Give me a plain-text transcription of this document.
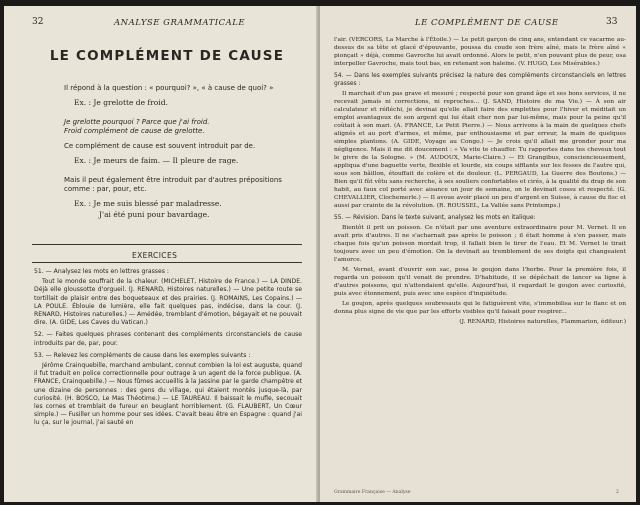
32	ANALYSE GRAMMATICALE
LE COMPLÉMENT DE CAUSE
Il répond à la question : « pourquoi? », « à cause de quoi? »
Ex. : Je grelotte de froid.
Je grelotte pourquoi ? Parce que j'ai froid.
Froid complément de cause de grelotte.
Ce complément de cause est souvent introduit par de.
Ex. : Je meurs de faim. — Il pleure de rage.
Mais il peut également être introduit par d'autres prépositions
comme : par, pour, etc.
Ex. : Je me suis blessé par maladresse.
J'ai été puni pour bavardage.
EXERCICES

51. — Analysez les mots en lettres grasses :

Tout le monde souffrait de la chaleur. (MICHELET, Histoire de France.) — LA DINDE. Déjà elle gloussotte d'orgueil. (J. RENARD, Histoires naturelles.) — Une petite route se tortillait de plaisir entre des boqueteaux et des prairies. (J. ROMAINS, Les Copains.) — LA POULE. Éblouie de lumière, elle fait quelques pas, indécise, dans la cour. (J. RENARD, Histoires naturelles.) — Amédée, tremblant d'émotion, bégayait et ne pouvait dire. (A. GIDE, Les Caves du Vatican.)

52. — Faites quelques phrases contenant des compléments circonstanciels de cause introduits par de, par, pour.

53. — Relevez les compléments de cause dans les exemples suivants :

Jérôme Crainquebille, marchand ambulant, connut combien la loi est auguste, quand il fut traduit en police correctionnelle pour outrage à un agent de la force publique. (A. FRANCE, Crainquebille.) — Nous fûmes accueillis à la Jassine par le garde champêtre et une dizaine de personnes : des gens du village, qui étaient montés jusque-là, par curiosité. (H. BOSCO, Le Mas Théotime.) — LE TAUREAU. Il baissait le mufle, secouait les cornes et tremblait de fureur en beuglant horriblement. (G. FLAUBERT, Un Cœur simple.) — Fusiller un homme pour ses idées. C'avait beau être en Espagne : quand j'ai lu ça, sur le journal, j'ai sauté en

LE COMPLÉMENT DE CAUSE	33

l'air. (VERCORS, La Marche à l'Étoile.) — Le petit garçon de cinq ans, entendant ce vacarme au-dessus de sa tête et glacé d'épouvante, poussa du coude son frère aîné, mais le frère aîné « pionçait » déjà, comme Gavroche lui avait ordonné. Alors le petit, n'en pouvant plus de peur, osa interpeller Gavroche, mais tout bas, en retenant son haleine. (V. HUGO, Les Misérables.)

54. — Dans les exemples suivants précisez la nature des compléments circonstanciels en lettres grasses :

Il marchait d'un pas grave et mesuré ; respecté pour son grand âge et ses bons services, il ne recevait jamais ni corrections, ni reproches... (J. SAND, Histoire de ma Vie.) — À son air calculateur et réfléchi, je devinai qu'elle allait faire des emplettes pour l'hiver et méditait un emploi avantageux de son argent qui lui était cher non par lui-même, mais pour la peine qu'il coûtait à son mari. (A. FRANCE, Le Petit Pierre.) — Nous arrivons à la main de quelques chefs alignés et au port d'armes, et même, par enthousiasme et par erreur, la main de quelques simples plantons. (A. GIDE, Voyage au Congo.) — Je crois qu'il allait me gronder pour ma négligence. Mais il me dit doucement : « Va vite te chauffer. Tu rapportes dans tes cheveux tout le givre de la Sologne. » (M. AUDOUX, Marie-Claire.) — Et Grangibus, consciencieusement, appliqua d'une baguette verte, flexible et lourde, six coups sifflants sur les fesses de l'autre qui, sous son bâillon, étouffait de colère et de douleur. (L. PERGAUD, La Guerre des Boutons.) — Bien qu'il fût vêtu sans recherche, à ses souliers confortables et cirés, à la qualité du drap de son habit, au faux col porté avec aisance un jour de semaine, on le devinait cossu et respecté. (G. CHEVALLIER, Clochemerle.) — Il avoue avoir placé un peu d'argent en Suisse, à cause du fisc et aussi par crainte de la révolution. (R. ROUSSEL, La Vallée sans Printemps.)

55. — Révision. Dans le texte suivant, analysez les mots en italique:

Bientôt il prit un poisson. Ce n'était par une aventure extraordinaire pour M. Vernet. Il en avait pris d'autres. Il ne s'acharnait pas après le poisson ; il était homme à s'en passer, mais chaque fois qu'un poisson mordait trop, il fallait bien le tirer de l'eau. Et M. Vernet le tirait toujours avec un peu d'émotion. On la devinait au tremblement de ses doigts qui changeaient l'amorce.

M. Vernet, avant d'ouvrir son sac, posa le goujon dans l'herbe. Pour la première fois, il regarda un poisson qu'il venait de prendre. D'habitude, il se dépêchait de lancer sa ligne à d'autres poissons, qui n'attendaient qu'elle. Aujourd'hui, il regardait le goujon avec curiosité, puis avec étonnement, puis avec une espèce d'inquiétude.

Le goujon, après quelques soubresauts qui le fatiguèrent vite, s'immobilisa sur le flanc et on donna plus signe de vie que par les efforts visibles qu'il faisait pour respirer...

(J. RENARD, Histoires naturelles, Flammarion, éditeur.)

Grammaire Française — Analyse	2
